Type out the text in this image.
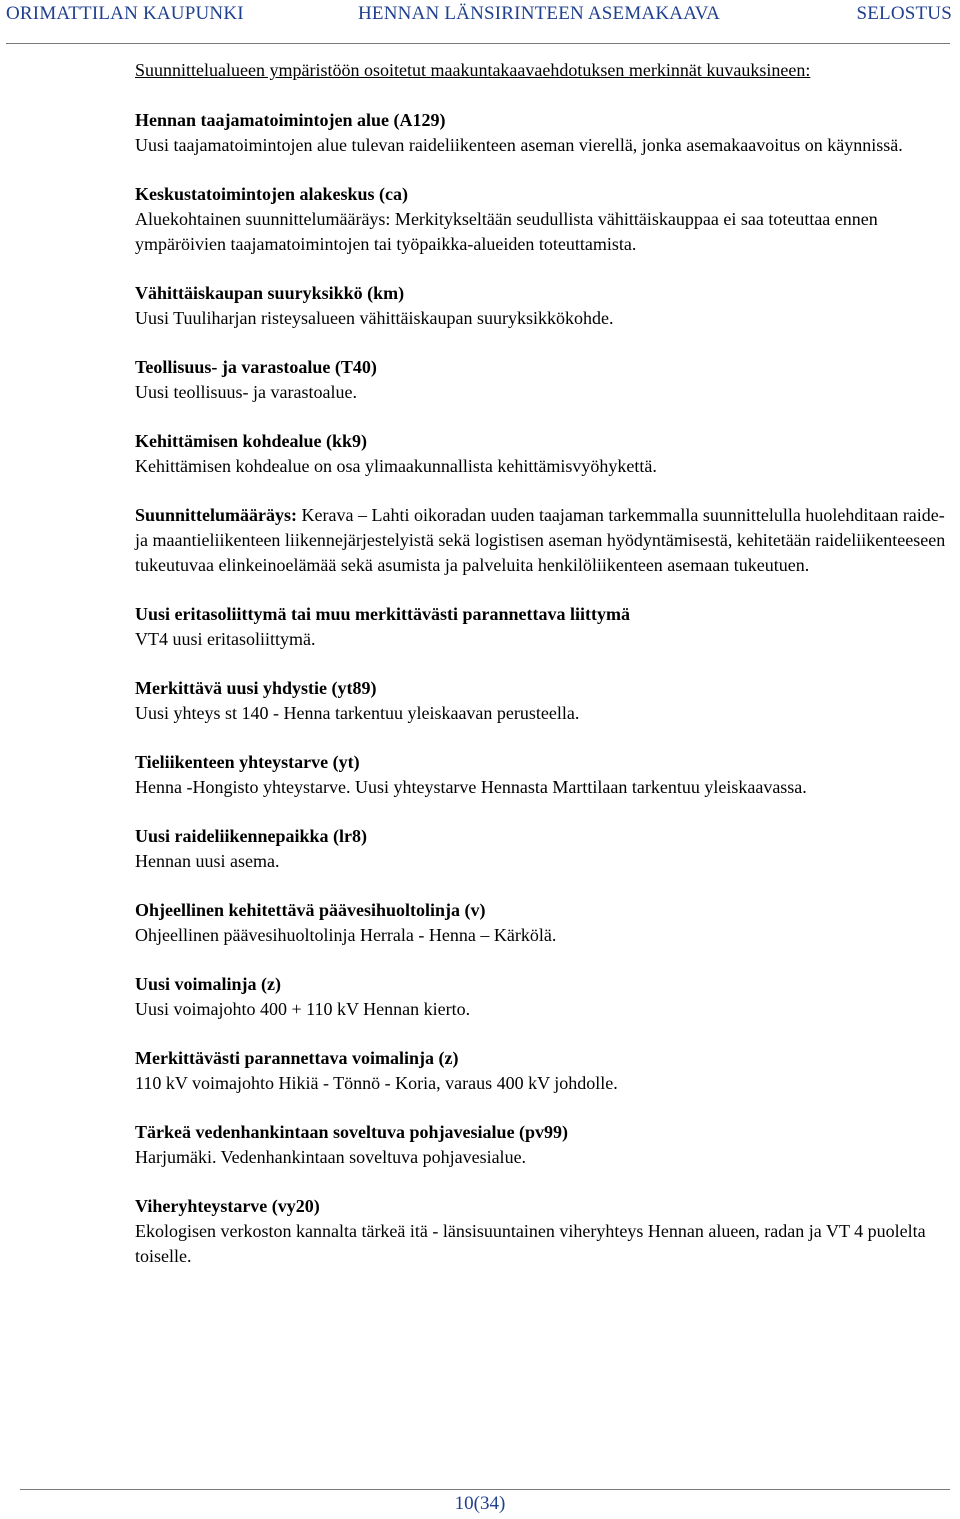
ORIMATTILAN KAUPUNKI	HENNAN LÄNSIRINTEEN ASEMAKAAVA	SELOSTUS

Suunnittelualueen ympäristöön osoitetut maakuntakaavaehdotuksen merkinnät kuvauksineen:

Hennan taajamatoimintojen alue (A129)

Uusi taajamatoimintojen alue tulevan raideliikenteen aseman vierellä, jonka asemakaavoitus on käynnissä.

Keskustatoimintojen alakeskus (ca)

Aluekohtainen suunnittelumääräys: Merkitykseltään seudullista vähittäiskauppaa ei saa toteuttaa ennen ympäröivien taajamatoimintojen tai työpaikka-alueiden toteuttamista.

Vähittäiskaupan suuryksikkö (km)

Uusi Tuuliharjan risteysalueen vähittäiskaupan suuryksikkökohde.

Teollisuus- ja varastoalue (T40)

Uusi teollisuus- ja varastoalue.

Kehittämisen kohdealue (kk9)

Kehittämisen kohdealue on osa ylimaakunnallista kehittämisvyöhykettä.

Suunnittelumääräys: Kerava – Lahti oikoradan uuden taajaman tarkemmalla suunnittelulla huolehditaan raide- ja maantieliikenteen liikennejärjestelyistä sekä logistisen aseman hyödyntämisestä, kehitetään raideliikenteeseen tukeutuvaa elinkeinoelämää sekä asumista ja palveluita henkilöliikenteen asemaan tukeutuen.

Uusi eritasoliittymä tai muu merkittävästi parannettava liittymä

VT4 uusi eritasoliittymä.

Merkittävä uusi yhdystie (yt89)

Uusi yhteys st 140 - Henna tarkentuu yleiskaavan perusteella.

Tieliikenteen yhteystarve (yt)

Henna -Hongisto yhteystarve. Uusi yhteystarve Hennasta Marttilaan tarkentuu yleiskaavassa.

Uusi raideliikennepaikka (lr8)

Hennan uusi asema.

Ohjeellinen kehitettävä päävesihuoltolinja (v)

Ohjeellinen päävesihuoltolinja Herrala - Henna – Kärkölä.

Uusi voimalinja (z)

Uusi voimajohto 400 + 110 kV Hennan kierto.

Merkittävästi parannettava voimalinja (z)

110 kV voimajohto Hikiä - Tönnö - Koria, varaus 400 kV johdolle.

Tärkeä vedenhankintaan soveltuva pohjavesialue (pv99)

Harjumäki. Vedenhankintaan soveltuva pohjavesialue.

Viheryhteystarve (vy20)

Ekologisen verkoston kannalta tärkeä itä - länsisuuntainen viheryhteys Hennan alueen, radan ja VT 4 puolelta toiselle.

10(34)
